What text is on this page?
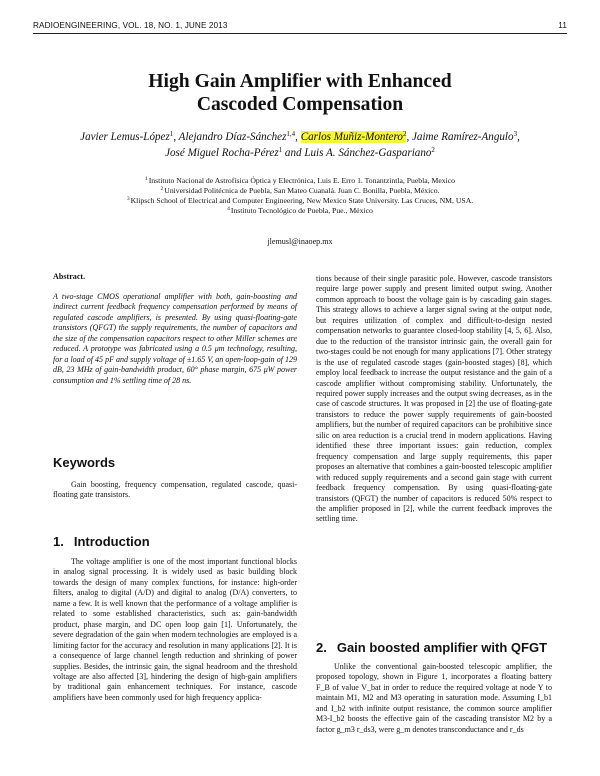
RADIOENGINEERING, VOL. 18, NO. 1, JUNE 2013	11
High Gain Amplifier with Enhanced
Cascoded Compensation
Javier Lemus-López$^1$, Alejandro Díaz-Sánchez$^{1,4}$, Carlos Muñiz-Montero$^2$, Jaime Ramírez-Angulo$^3$,
José Miguel Rocha-Pérez$^1$ and Luis A. Sánchez-Gaspariano$^2$
$^1$Instituto Nacional de Astrofísica Óptica y Electrónica, Luis E. Erro 1. Tonantzintla, Puebla, Mexico
$^2$Universidad Politécnica de Puebla, San Mateo Cuanalá. Juan C. Bonilla, Puebla, México.
$^3$Klipsch School of Electrical and Computer Engineering, New Mexico State University. Las Cruces, NM, USA.
$^4$Instituto Tecnológico de Puebla, Pue., México
jlemusl@inaoep.mx
Abstract.

A two-stage CMOS operational amplifier with both, gain-boosting and indirect current feedback frequency compensation performed by means of regulated cascode amplifiers, is presented. By using quasi-floating-gate transistors (QFGT) the supply requirements, the number of capacitors and the size of the compensation capacitors respect to other Miller schemes are reduced. A prototype was fabricated using a 0.5 μm technology, resulting, for a load of 45 pF and supply voltage of ±1.65 V, an open-loop-gain of 129 dB, 23 MHz of gain-bandwidth product, 60° phase margin, 675 μW power consumption and 1% settling time of 28 ns.

Keywords

Gain boosting, frequency compensation, regulated cascode, quasi-floating gate transistors.

1. Introduction

The voltage amplifier is one of the most important functional blocks in analog signal processing. It is widely used as basic building block towards the design of many complex functions, for instance: high-order filters, analog to digital (A/D) and digital to analog (D/A) converters, to name a few. It is well known that the performance of a voltage amplifier is related to some established characteristics, such as: gain-bandwidth product, phase margin, and DC open loop gain [1]. Unfortunately, the severe degradation of the gain when modern technologies are employed is a limiting factor for the accuracy and resolution in many applications [2]. It is a consequence of large channel length reduction and shrinking of power supplies. Besides, the intrinsic gain, the signal headroom and the threshold voltage are also affected [3], hindering the design of high-gain amplifiers by traditional gain enhancement techniques. For instance, cascode amplifiers have been commonly used for high frequency applica-

tions because of their single parasitic pole. However, cascode transistors require large power supply and present limited output swing. Another common approach to boost the voltage gain is by cascading gain stages. This strategy allows to achieve a larger signal swing at the output node, but requires utilization of complex and difficult-to-design nested compensation networks to guarantee closed-loop stability [4, 5, 6]. Also, due to the reduction of the transistor intrinsic gain, the overall gain for two-stages could be not enough for many applications [7]. Other strategy is the use of regulated cascode stages (gain-boosted stages) [8], which employ local feedback to increase the output resistance and the gain of a cascode amplifier without compromising stability. Unfortunately, the required power supply increases and the output swing decreases, as in the case of cascode structures. It was proposed in [2] the use of floating-gate transistors to reduce the power supply requirements of gain-boosted amplifiers, but the number of required capacitors can be prohibitive since silic on area reduction is a crucial trend in modern applications. Having identified these three important issues: gain reduction, complex frequency compensation and large supply requirements, this paper proposes an alternative that combines a gain-boosted telescopic amplifier with reduced supply requirements and a second gain stage with current feedback frequency compensation. By using quasi-floating-gate transistors (QFGT) the number of capacitors is reduced 50% respect to the amplifier proposed in [2], while the current feedback improves the settling time.

2. Gain boosted amplifier with QFGT

Unlike the conventional gain-boosted telescopic amplifier, the proposed topology, shown in Figure 1, incorporates a floating battery F_B of value V_bat in order to reduce the required voltage at node Y to maintain M1, M2 and M3 operating in saturation mode. Assuming I_b1 and I_b2 with infinite output resistance, the common source amplifier M3-I_b2 boosts the effective gain of the cascading transistor M2 by a factor g_m3 r_ds3, were g_m denotes transconductance and r_ds
